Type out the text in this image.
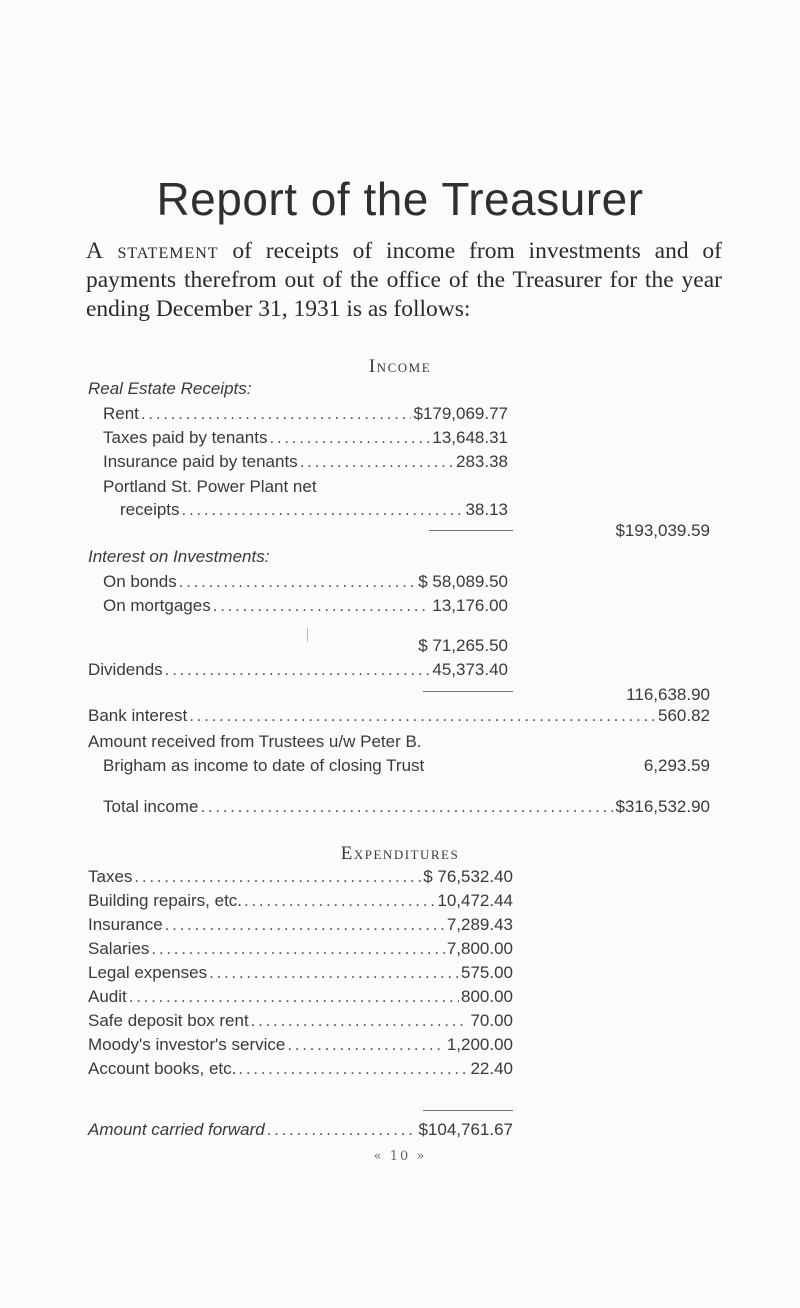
Report of the Treasurer
A statement of receipts of income from investments and of payments therefrom out of the office of the Treasurer for the year ending December 31, 1931 is as follows:
Income
Real Estate Receipts:
Rent . . .	$179,069.77
Taxes paid by tenants . . .	13,648.31
Insurance paid by tenants . . .	283.38
Portland St. Power Plant net
receipts . . .	38.13
$193,039.59
Interest on Investments:
On bonds . . .	$ 58,089.50
On mortgages . . .	13,176.00
$ 71,265.50
Dividends . . .	45,373.40
116,638.90
Bank interest . . .	560.82
Amount received from Trustees u/w Peter B.
Brigham as income to date of closing Trust	6,293.59
Total income . . .	$316,532.90
Expenditures
Taxes . . .	$ 76,532.40
Building repairs, etc. . . .	10,472.44
Insurance . . .	7,289.43
Salaries . . .	7,800.00
Legal expenses . . .	575.00
Audit . . .	800.00
Safe deposit box rent . . .	70.00
Moody's investor's service . . .	1,200.00
Account books, etc. . . .	22.40
Amount carried forward . . .	$104,761.67
« 10 »
